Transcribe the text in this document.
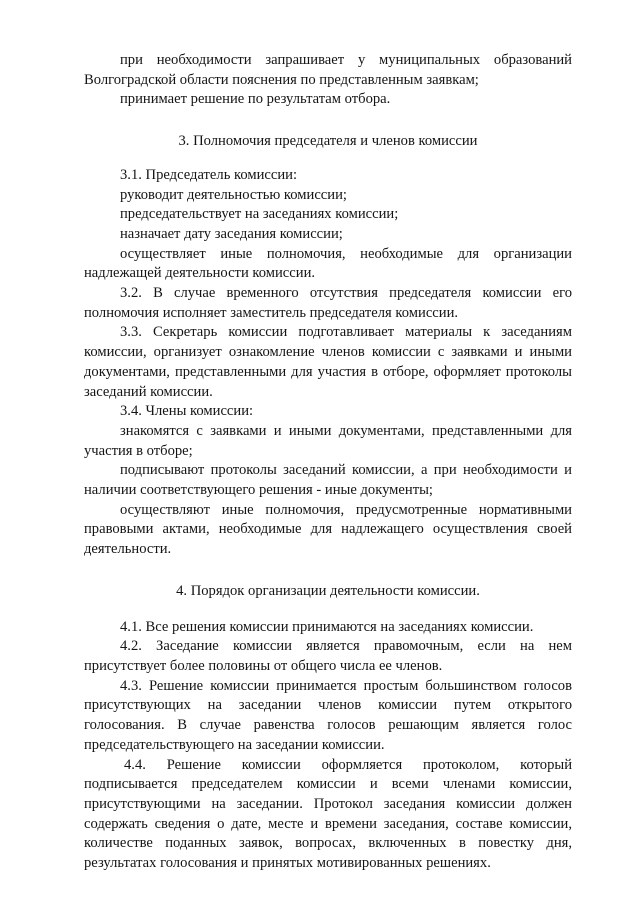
при необходимости запрашивает у муниципальных образований Волгоградской области пояснения по представленным заявкам;

принимает решение по результатам отбора.

3. Полномочия председателя и членов комиссии

3.1. Председатель комиссии:

руководит деятельностью комиссии;

председательствует на заседаниях комиссии;

назначает дату заседания комиссии;

осуществляет иные полномочия, необходимые для организации надлежащей деятельности комиссии.

3.2. В случае временного отсутствия председателя комиссии его полномочия исполняет заместитель председателя комиссии.

3.3. Секретарь комиссии подготавливает материалы к заседаниям комиссии, организует ознакомление членов комиссии с заявками и иными документами, представленными для участия в отборе, оформляет протоколы заседаний комиссии.

3.4. Члены комиссии:

знакомятся с заявками и иными документами, представленными для участия в отборе;

подписывают протоколы заседаний комиссии, а при необходимости и наличии соответствующего решения - иные документы;

осуществляют иные полномочия, предусмотренные нормативными правовыми актами, необходимые для надлежащего осуществления своей деятельности.

4. Порядок организации деятельности комиссии.

4.1. Все решения комиссии принимаются на заседаниях комиссии.

4.2. Заседание комиссии является правомочным, если на нем присутствует более половины от общего числа ее членов.

4.3. Решение комиссии принимается простым большинством голосов присутствующих на заседании членов комиссии путем открытого голосования. В случае равенства голосов решающим является голос председательствующего на заседании комиссии.

4.4. Решение комиссии оформляется протоколом, который подписывается председателем комиссии и всеми членами комиссии, присутствующими на заседании. Протокол заседания комиссии должен содержать сведения о дате, месте и времени заседания, составе комиссии, количестве поданных заявок, вопросах, включенных в повестку дня, результатах голосования и принятых мотивированных решениях.
